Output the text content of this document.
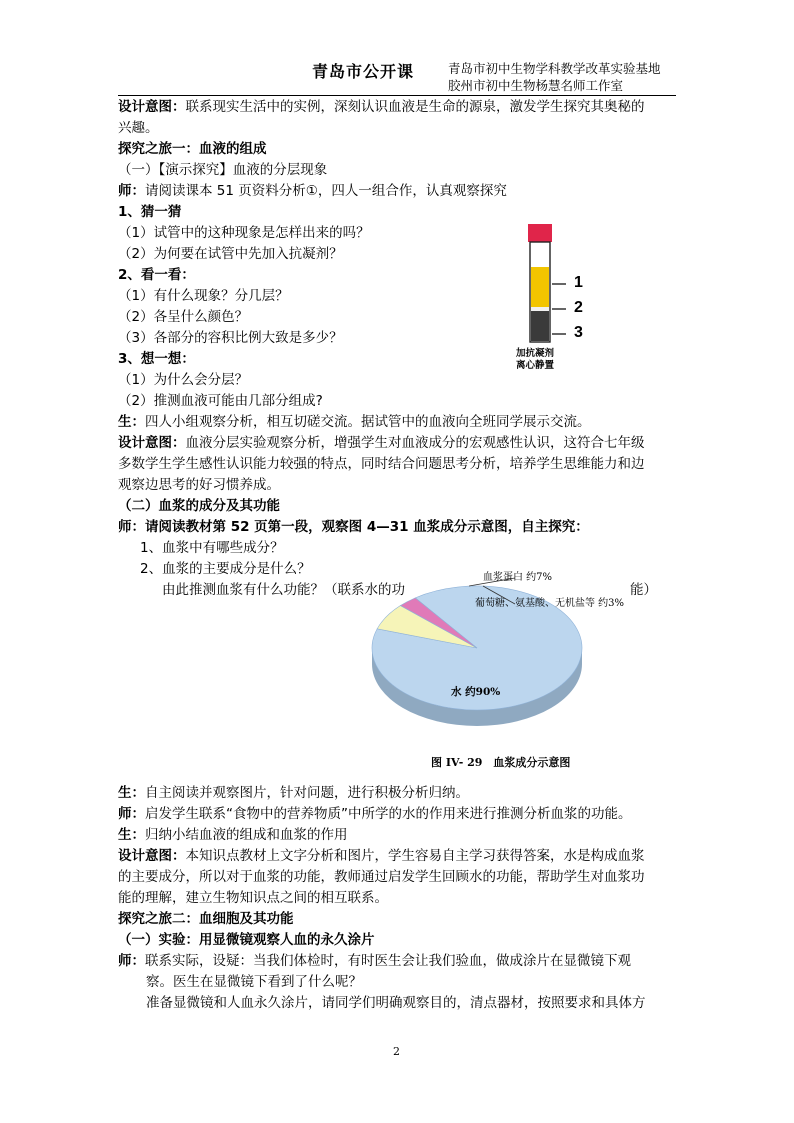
青岛市公开课	青岛市初中生物学科教学改革实验基地
胶州市初中生物杨慧名师工作室
设计意图：联系现实生活中的实例，深刻认识血液是生命的源泉，激发学生探究其奥秘的
兴趣。
探究之旅一：血液的组成
（一）【演示探究】血液的分层现象
师：请阅读课本 51 页资料分析①，四人一组合作，认真观察探究
1、猜一猜
（1）试管中的这种现象是怎样出来的吗？
（2）为何要在试管中先加入抗凝剂？
2、看一看：
（1）有什么现象？分几层？
（2）各呈什么颜色？
（3）各部分的容积比例大致是多少？
3、想一想：
（1）为什么会分层？
（2）推测血液可能由几部分组成?
生：四人小组观察分析，相互切磋交流。据试管中的血液向全班同学展示交流。
设计意图：血液分层实验观察分析，增强学生对血液成分的宏观感性认识，这符合七年级
多数学生学生感性认识能力较强的特点，同时结合问题思考分析，培养学生思维能力和边
观察边思考的好习惯养成。
（二）血浆的成分及其功能
师：请阅读教材第 52 页第一段，观察图 4—31 血浆成分示意图，自主探究：
1、血浆中有哪些成分？
2、血浆的主要成分是什么？
由此推测血浆有什么功能？（联系水的功	能）
生：自主阅读并观察图片，针对问题，进行积极分析归纳。
师：启发学生联系“食物中的营养物质”中所学的水的作用来进行推测分析血浆的功能。
生：归纳小结血液的组成和血浆的作用
设计意图：本知识点教材上文字分析和图片，学生容易自主学习获得答案，水是构成血浆
的主要成分，所以对于血浆的功能，教师通过启发学生回顾水的功能，帮助学生对血浆功
能的理解，建立生物知识点之间的相互联系。
探究之旅二：血细胞及其功能
（一）实验：用显微镜观察人血的永久涂片
师：联系实际，设疑：当我们体检时，有时医生会让我们验血，做成涂片在显微镜下观
察。医生在显微镜下看到了什么呢？
准备显微镜和人血永久涂片，请同学们明确观察目的，清点器材，按照要求和具体方
1
2
3
加抗凝剂
离心静置
血浆蛋白 约7%
葡萄糖、氨基酸、无机盐等 约3%
水 约90%
图 IV- 29　血浆成分示意图
2
